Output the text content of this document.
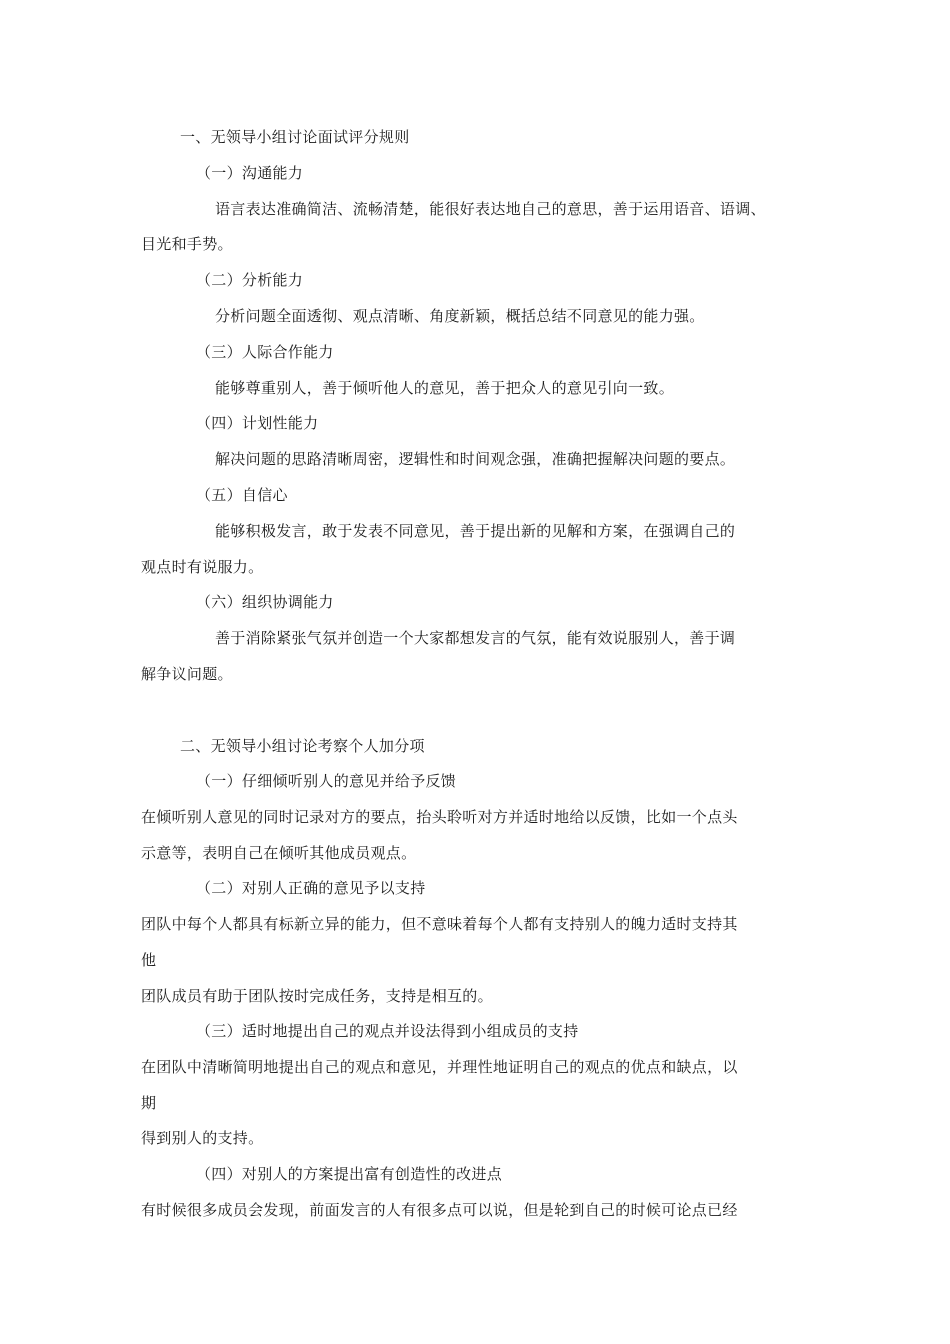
一、无领导小组讨论面试评分规则
（一）沟通能力
语言表达准确简洁、流畅清楚，能很好表达地自己的意思，善于运用语音、语调、
目光和手势。
（二）分析能力
分析问题全面透彻、观点清晰、角度新颖，概括总结不同意见的能力强。
（三）人际合作能力
能够尊重别人，善于倾听他人的意见，善于把众人的意见引向一致。
（四）计划性能力
解决问题的思路清晰周密，逻辑性和时间观念强，准确把握解决问题的要点。
（五）自信心
能够积极发言，敢于发表不同意见，善于提出新的见解和方案，在强调自己的
观点时有说服力。
（六）组织协调能力
善于消除紧张气氛并创造一个大家都想发言的气氛，能有效说服别人，善于调
解争议问题。
二、无领导小组讨论考察个人加分项
（一）仔细倾听别人的意见并给予反馈
在倾听别人意见的同时记录对方的要点，抬头聆听对方并适时地给以反馈，比如一个点头
示意等，表明自己在倾听其他成员观点。
（二）对别人正确的意见予以支持
团队中每个人都具有标新立异的能力，但不意味着每个人都有支持别人的魄力适时支持其
他
团队成员有助于团队按时完成任务，支持是相互的。
（三）适时地提出自己的观点并设法得到小组成员的支持
在团队中清晰简明地提出自己的观点和意见，并理性地证明自己的观点的优点和缺点，以
期
得到别人的支持。
（四）对别人的方案提出富有创造性的改进点
有时候很多成员会发现，前面发言的人有很多点可以说，但是轮到自己的时候可论点已经
